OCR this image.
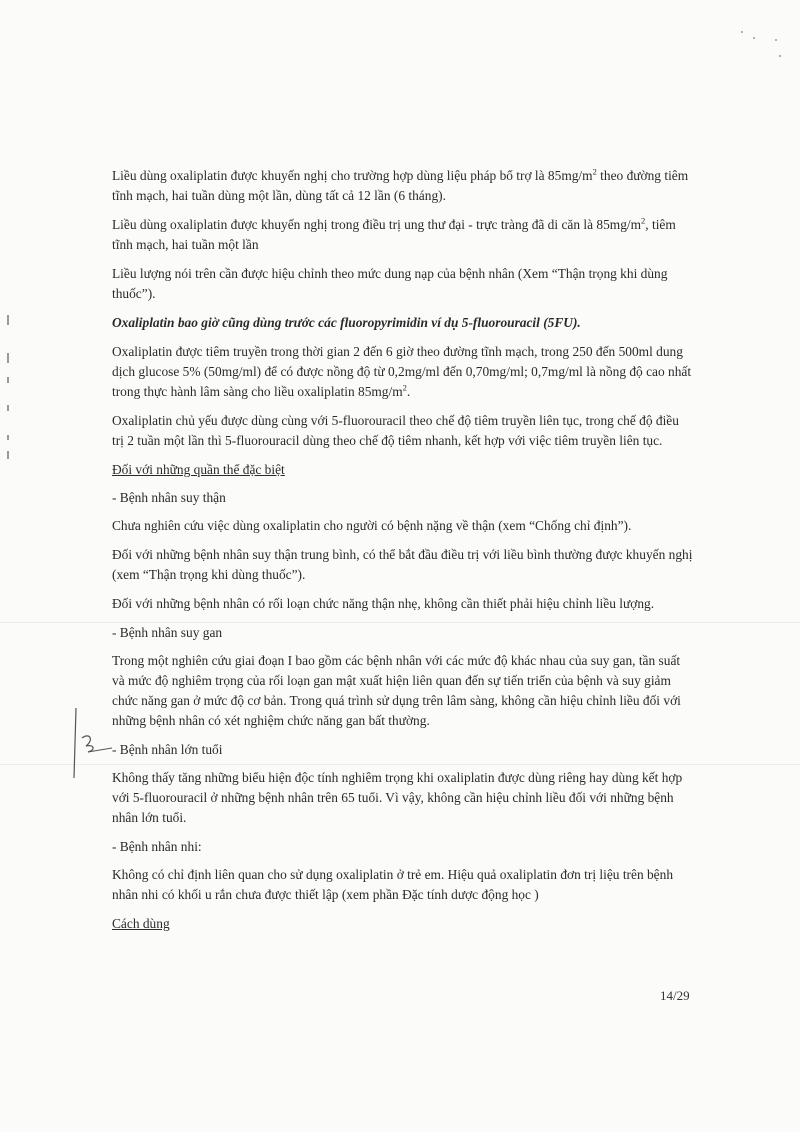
Liều dùng oxaliplatin được khuyến nghị cho trường hợp dùng liệu pháp bổ trợ là $85mg/m^2$ theo đường tiêm tĩnh mạch, hai tuần dùng một lần, dùng tất cả 12 lần (6 tháng).

Liều dùng oxaliplatin được khuyến nghị trong điều trị ung thư đại - trực tràng đã di căn là $85mg/m^2$, tiêm tĩnh mạch, hai tuần một lần

Liều lượng nói trên cần được hiệu chỉnh theo mức dung nạp của bệnh nhân (Xem “Thận trọng khi dùng thuốc”).

Oxaliplatin bao giờ cũng dùng trước các fluoropyrimidin ví dụ 5-fluorouracil (5FU).

Oxaliplatin được tiêm truyền trong thời gian 2 đến 6 giờ theo đường tĩnh mạch, trong 250 đến 500ml dung dịch glucose 5% (50mg/ml) để có được nồng độ từ 0,2mg/ml đến 0,70mg/ml; 0,7mg/ml là nồng độ cao nhất trong thực hành lâm sàng cho liều oxaliplatin $85mg/m^2$.

Oxaliplatin chủ yếu được dùng cùng với 5-fluorouracil theo chế độ tiêm truyền liên tục, trong chế độ điều trị 2 tuần một lần thì 5-fluorouracil dùng theo chế độ tiêm nhanh, kết hợp với việc tiêm truyền liên tục.

Đối với những quần thể đặc biệt

- Bệnh nhân suy thận

Chưa nghiên cứu việc dùng oxaliplatin cho người có bệnh nặng về thận (xem “Chống chỉ định”).

Đối với những bệnh nhân suy thận trung bình, có thể bắt đầu điều trị với liều bình thường được khuyến nghị (xem “Thận trọng khi dùng thuốc”).

Đối với những bệnh nhân có rối loạn chức năng thận nhẹ, không cần thiết phải hiệu chỉnh liều lượng.

- Bệnh nhân suy gan

Trong một nghiên cứu giai đoạn I bao gồm các bệnh nhân với các mức độ khác nhau của suy gan, tần suất và mức độ nghiêm trọng của rối loạn gan mật xuất hiện liên quan đến sự tiến triển của bệnh và suy giảm chức năng gan ở mức độ cơ bản. Trong quá trình sử dụng trên lâm sàng, không cần hiệu chỉnh liều đối với những bệnh nhân có xét nghiệm chức năng gan bất thường.

- Bệnh nhân lớn tuổi

Không thấy tăng những biểu hiện độc tính nghiêm trọng khi oxaliplatin được dùng riêng hay dùng kết hợp với 5-fluorouracil ở những bệnh nhân trên 65 tuổi. Vì vậy, không cần hiệu chỉnh liều đối với những bệnh nhân lớn tuổi.

- Bệnh nhân nhi:

Không có chỉ định liên quan cho sử dụng oxaliplatin ở trẻ em. Hiệu quả oxaliplatin đơn trị liệu trên bệnh nhân nhi có khối u rắn chưa được thiết lập (xem phần Đặc tính dược động học )

Cách dùng

14/29
